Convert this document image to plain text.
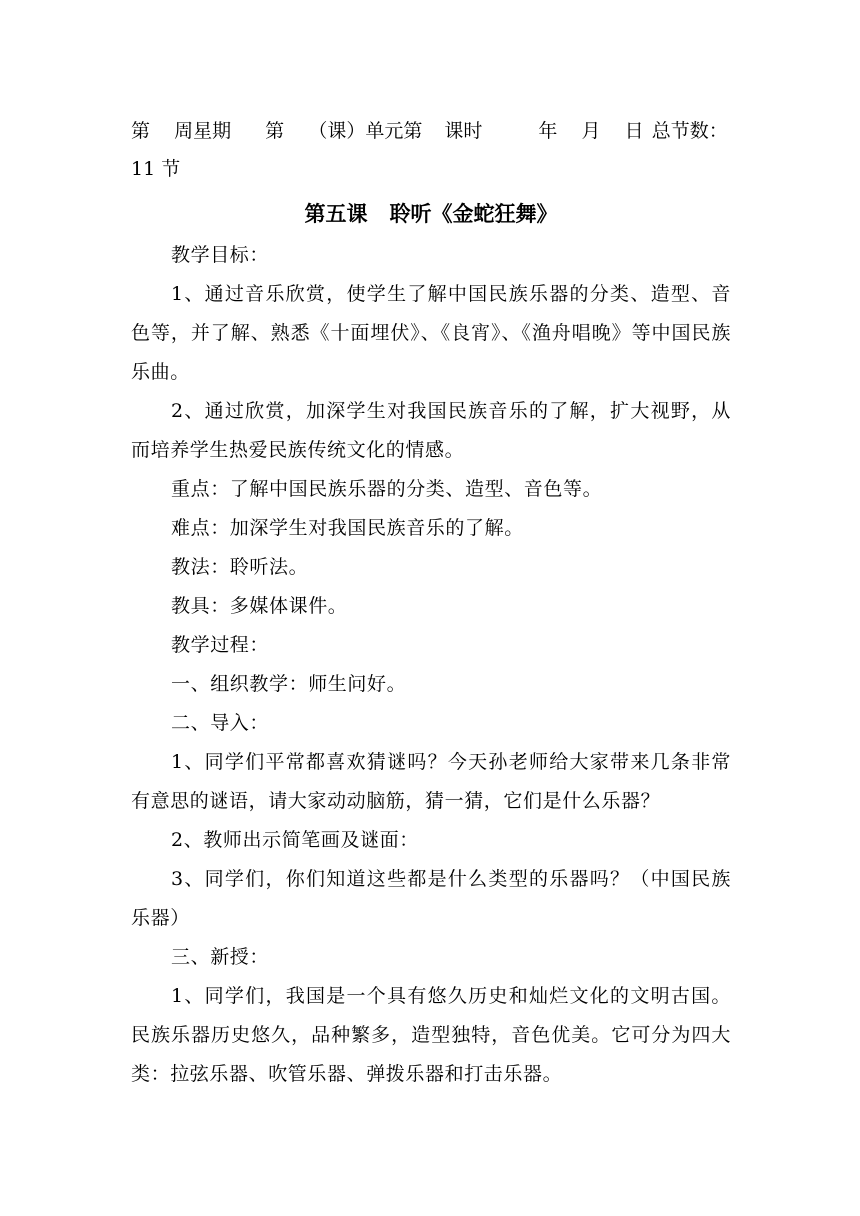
第    周星期 第    （课）单元第 课时	年    月    日 总节数：
11 节
第五课   聆听《金蛇狂舞》

教学目标：

1、通过音乐欣赏，使学生了解中国民族乐器的分类、造型、音色等，并了解、熟悉《十面埋伏》、《良宵》、《渔舟唱晚》等中国民族乐曲。

2、通过欣赏，加深学生对我国民族音乐的了解，扩大视野，从而培养学生热爱民族传统文化的情感。

重点：了解中国民族乐器的分类、造型、音色等。

难点：加深学生对我国民族音乐的了解。

教法：聆听法。

教具：多媒体课件。

教学过程：

一、组织教学：师生问好。

二、导入：

1、同学们平常都喜欢猜谜吗？今天孙老师给大家带来几条非常有意思的谜语，请大家动动脑筋，猜一猜，它们是什么乐器？

2、教师出示简笔画及谜面：

3、同学们，你们知道这些都是什么类型的乐器吗？（中国民族乐器）

三、新授：

1、同学们，我国是一个具有悠久历史和灿烂文化的文明古国。民族乐器历史悠久，品种繁多，造型独特，音色优美。它可分为四大类：拉弦乐器、吹管乐器、弹拨乐器和打击乐器。
